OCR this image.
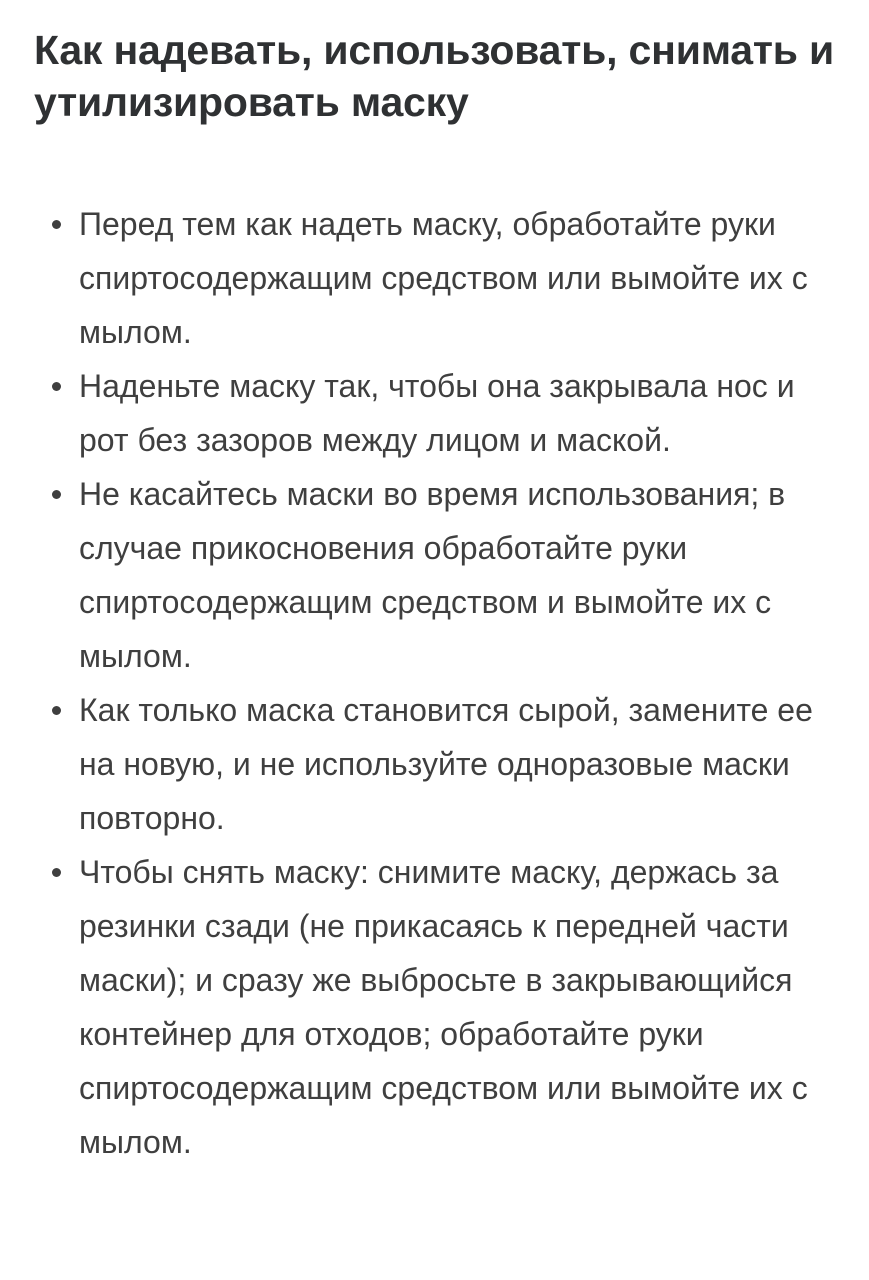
Как надевать, использовать, снимать и утилизировать маску
Перед тем как надеть маску, обработайте руки спиртосодержащим средством или вымойте их с мылом.
Наденьте маску так, чтобы она закрывала нос и рот без зазоров между лицом и маской.
Не касайтесь маски во время использования; в случае прикосновения обработайте руки спиртосодержащим средством и вымойте их с мылом.
Как только маска становится сырой, замените ее на новую, и не используйте одноразовые маски повторно.
Чтобы снять маску: снимите маску, держась за резинки сзади (не прикасаясь к передней части маски); и сразу же выбросьте в закрывающийся контейнер для отходов; обработайте руки спиртосодержащим средством или вымойте их с мылом.
